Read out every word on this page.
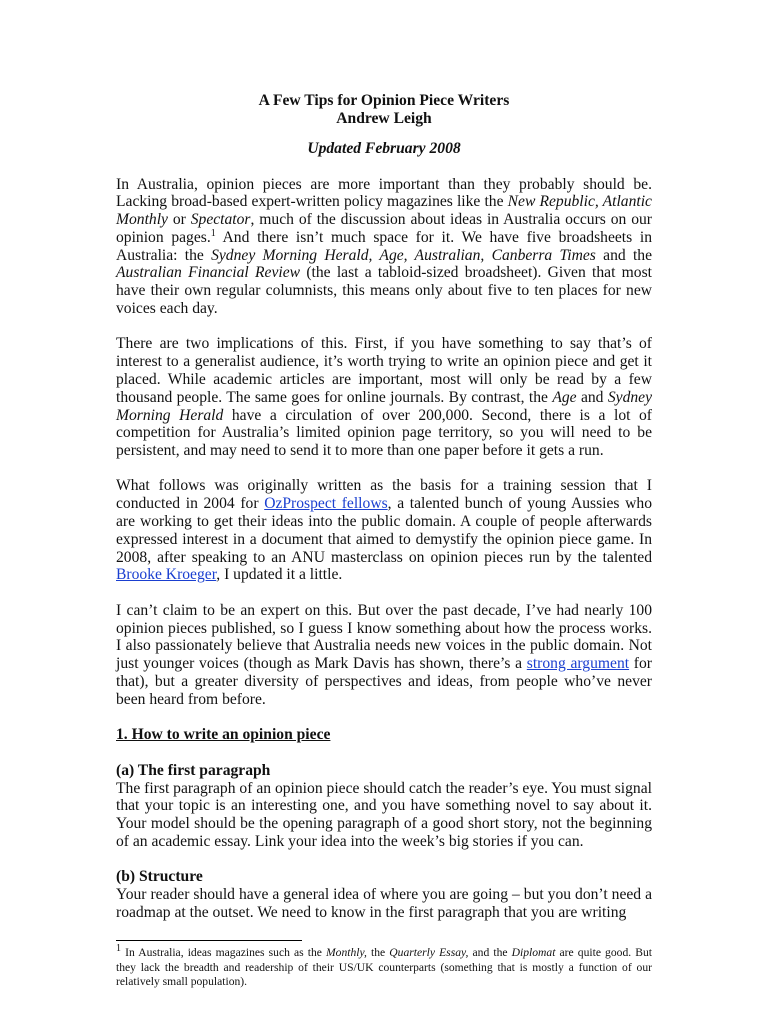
A Few Tips for Opinion Piece Writers
Andrew Leigh
Updated February 2008

In Australia, opinion pieces are more important than they probably should be. Lacking broad-based expert-written policy magazines like the New Republic, Atlantic Monthly or Spectator, much of the discussion about ideas in Australia occurs on our opinion pages.$^1$ And there isn’t much space for it. We have five broadsheets in Australia: the Sydney Morning Herald, Age, Australian, Canberra Times and the Australian Financial Review (the last a tabloid-sized broadsheet). Given that most have their own regular columnists, this means only about five to ten places for new voices each day.

There are two implications of this. First, if you have something to say that’s of interest to a generalist audience, it’s worth trying to write an opinion piece and get it placed. While academic articles are important, most will only be read by a few thousand people. The same goes for online journals. By contrast, the Age and Sydney Morning Herald have a circulation of over 200,000. Second, there is a lot of competition for Australia’s limited opinion page territory, so you will need to be persistent, and may need to send it to more than one paper before it gets a run.

What follows was originally written as the basis for a training session that I conducted in 2004 for OzProspect fellows, a talented bunch of young Aussies who are working to get their ideas into the public domain. A couple of people afterwards expressed interest in a document that aimed to demystify the opinion piece game. In 2008, after speaking to an ANU masterclass on opinion pieces run by the talented Brooke Kroeger, I updated it a little.

I can’t claim to be an expert on this. But over the past decade, I’ve had nearly 100 opinion pieces published, so I guess I know something about how the process works. I also passionately believe that Australia needs new voices in the public domain. Not just younger voices (though as Mark Davis has shown, there’s a strong argument for that), but a greater diversity of perspectives and ideas, from people who’ve never been heard from before.

1. How to write an opinion piece
(a) The first paragraph

The first paragraph of an opinion piece should catch the reader’s eye. You must signal that your topic is an interesting one, and you have something novel to say about it. Your model should be the opening paragraph of a good short story, not the beginning of an academic essay. Link your idea into the week’s big stories if you can.

(b) Structure

Your reader should have a general idea of where you are going – but you don’t need a roadmap at the outset. We need to know in the first paragraph that you are writing

$^1$ In Australia, ideas magazines such as the Monthly, the Quarterly Essay, and the Diplomat are quite good. But they lack the breadth and readership of their US/UK counterparts (something that is mostly a function of our relatively small population).
